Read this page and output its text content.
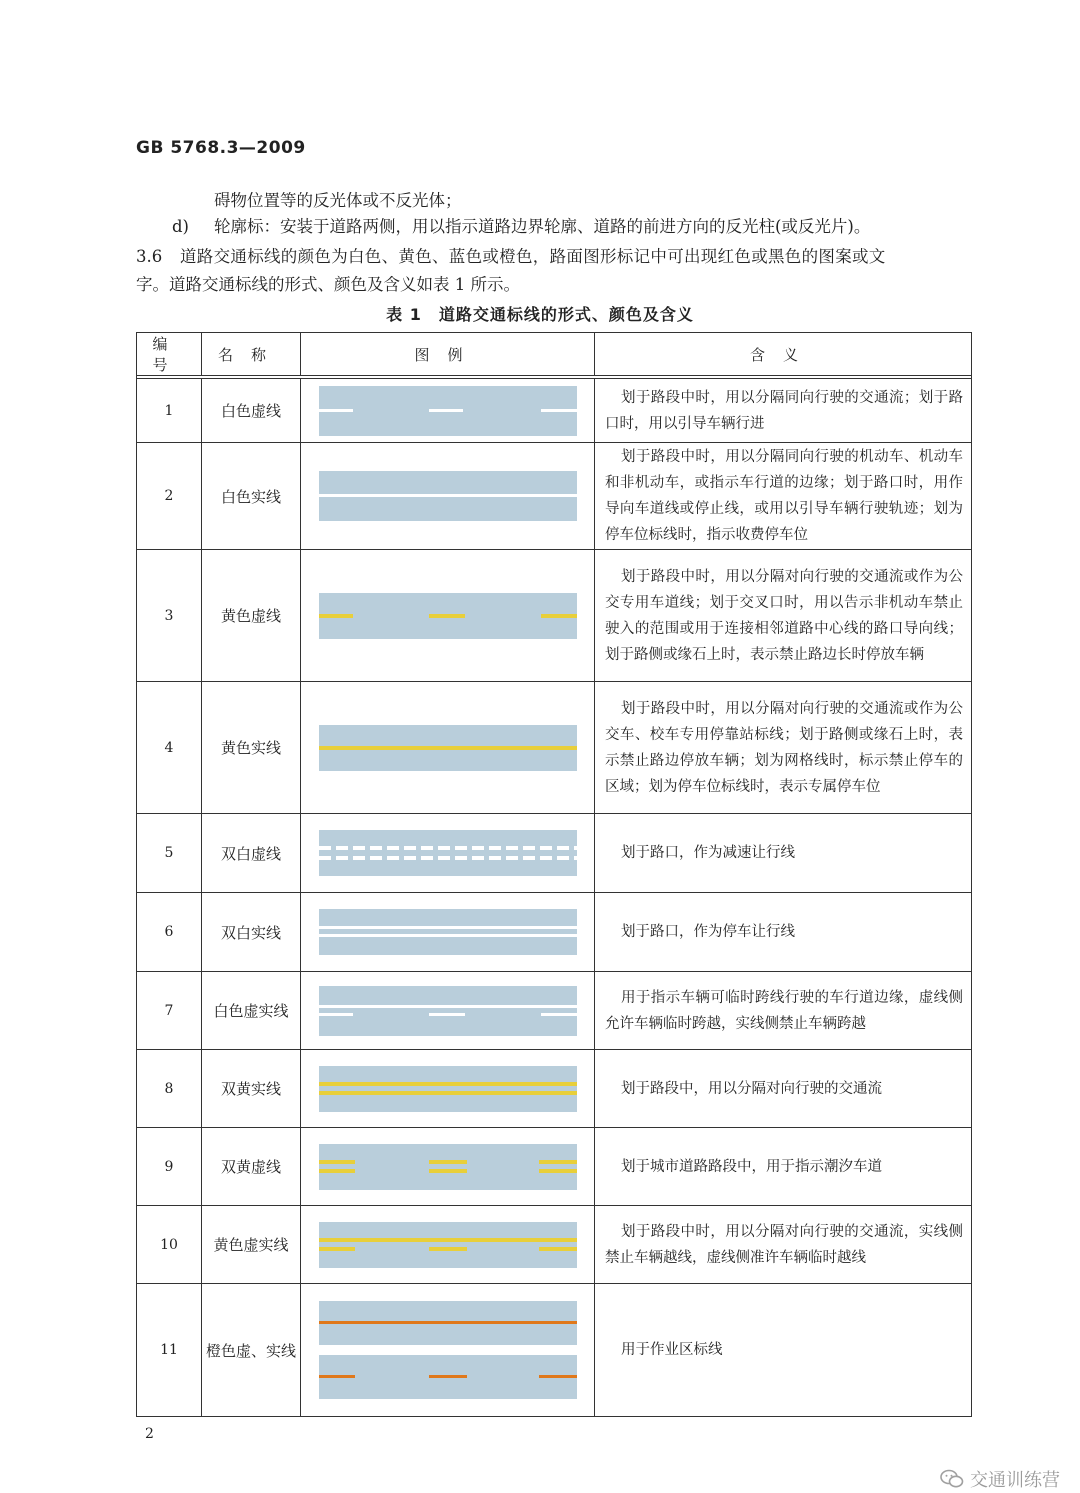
GB 5768.3—2009
碍物位置等的反光体或不反光体；
d) 轮廓标：安装于道路两侧，用以指示道路边界轮廓、道路的前进方向的反光柱(或反光片)。
3.6 道路交通标线的颜色为白色、黄色、蓝色或橙色，路面图形标记中可出现红色或黑色的图案或文
字。道路交通标线的形式、颜色及含义如表 1 所示。
表 1　道路交通标线的形式、颜色及含义
编号	名称	图例	含义

1	白色虚线		划于路段中时，用以分隔同向行驶的交通流；划于路口时，用以引导车辆行进
2	白色实线		划于路段中时，用以分隔同向行驶的机动车、机动车和非机动车，或指示车行道的边缘；划于路口时，用作导向车道线或停止线，或用以引导车辆行驶轨迹；划为停车位标线时，指示收费停车位
3	黄色虚线		划于路段中时，用以分隔对向行驶的交通流或作为公交专用车道线；划于交叉口时，用以告示非机动车禁止驶入的范围或用于连接相邻道路中心线的路口导向线；划于路侧或缘石上时，表示禁止路边长时停放车辆
4	黄色实线		划于路段中时，用以分隔对向行驶的交通流或作为公交车、校车专用停靠站标线；划于路侧或缘石上时，表示禁止路边停放车辆；划为网格线时，标示禁止停车的区域；划为停车位标线时，表示专属停车位
5	双白虚线		划于路口，作为减速让行线
6	双白实线		划于路口，作为停车让行线
7	白色虚实线		用于指示车辆可临时跨线行驶的车行道边缘，虚线侧允许车辆临时跨越，实线侧禁止车辆跨越
8	双黄实线		划于路段中，用以分隔对向行驶的交通流
9	双黄虚线		划于城市道路路段中，用于指示潮汐车道
10	黄色虚实线		划于路段中时，用以分隔对向行驶的交通流，实线侧禁止车辆越线，虚线侧准许车辆临时越线
11	橙色虚、实线		用于作业区标线
2
交通训练营
